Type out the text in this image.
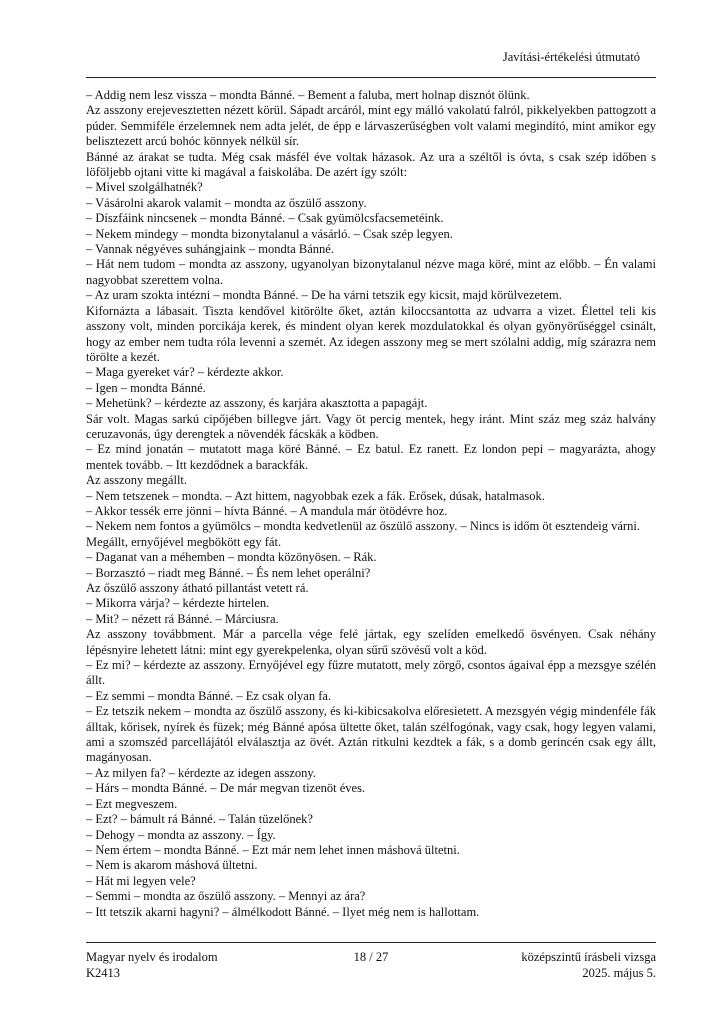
Javítási-értékelési útmutató

– Addig nem lesz vissza – mondta Bánné. – Bement a faluba, mert holnap disznót ölünk.

Az asszony erejevesztetten nézett körül. Sápadt arcáról, mint egy málló vakolatú falról, pikkelyekben pattogzott a púder. Semmiféle érzelemnek nem adta jelét, de épp e lárvaszerűségben volt valami megindító, mint amikor egy belisztezett arcú bohóc könnyek nélkül sír.

Bánné az árakat se tudta. Még csak másfél éve voltak házasok. Az ura a széltől is óvta, s csak szép időben s löföljebb ojtani vitte ki magával a faiskolába. De azért így szólt:

– Mivel szolgálhatnék?

– Vásárolni akarok valamit – mondta az őszülő asszony.

– Díszfáink nincsenek – mondta Bánné. – Csak gyümölcsfacsemetéink.

– Nekem mindegy – mondta bizonytalanul a vásárló. – Csak szép legyen.

– Vannak négyéves suhángjaink – mondta Bánné.

– Hát nem tudom – mondta az asszony, ugyanolyan bizonytalanul nézve maga köré, mint az előbb. – Én valami nagyobbat szerettem volna.

– Az uram szokta intézni – mondta Bánné. – De ha várni tetszik egy kicsit, majd körülvezetem.

Kifornázta a lábasait. Tiszta kendővel kitörölte őket, aztán kiloccsantotta az udvarra a vizet. Élettel teli kis asszony volt, minden porcikája kerek, és mindent olyan kerek mozdulatokkal és olyan gyönyörűséggel csinált, hogy az ember nem tudta róla levenni a szemét. Az idegen asszony meg se mert szólalni addig, míg szárazra nem törölte a kezét.

– Maga gyereket vár? – kérdezte akkor.

– Igen – mondta Bánné.

– Mehetünk? – kérdezte az asszony, és karjára akasztotta a papagájt.

Sár volt. Magas sarkú cipőjében billegve járt. Vagy öt percig mentek, hegy iránt. Mint száz meg száz halvány ceruzavonás, úgy derengtek a növendék fácskák a ködben.

– Ez mind jonatán – mutatott maga köré Bánné. – Ez batul. Ez ranett. Ez london pepi – magyarázta, ahogy mentek tovább. – Itt kezdődnek a barackfák.

Az asszony megállt.

– Nem tetszenek – mondta. – Azt hittem, nagyobbak ezek a fák. Erősek, dúsak, hatalmasok.

– Akkor tessék erre jönni – hívta Bánné. – A mandula már ötödévre hoz.

– Nekem nem fontos a gyümölcs – mondta kedvetlenül az őszülő asszony. – Nincs is időm öt esztendeig várni.

Megállt, ernyőjével megbökött egy fát.

– Daganat van a méhemben – mondta közönyösen. – Rák.

– Borzasztó – riadt meg Bánné. – És nem lehet operálni?

Az őszülő asszony átható pillantást vetett rá.

– Mikorra várja? – kérdezte hirtelen.

– Mit? – nézett rá Bánné. – Márciusra.

Az asszony továbbment. Már a parcella vége felé jártak, egy szelíden emelkedő ösvényen. Csak néhány lépésnyire lehetett látni: mint egy gyerekpelenka, olyan sűrű szövésű volt a köd.

– Ez mi? – kérdezte az asszony. Ernyőjével egy fűzre mutatott, mely zörgő, csontos ágaival épp a mezsgye szélén állt.

– Ez semmi – mondta Bánné. – Ez csak olyan fa.

– Ez tetszik nekem – mondta az őszülő asszony, és ki-kibicsakolva előresietett. A mezsgyén végig mindenféle fák álltak, kőrisek, nyírek és füzek; még Bánné apósa ültette őket, talán szélfogónak, vagy csak, hogy legyen valami, ami a szomszéd parcellájától elválasztja az övét. Aztán ritkulni kezdtek a fák, s a domb gerincén csak egy állt, magányosan.

– Az milyen fa? – kérdezte az idegen asszony.

– Hárs – mondta Bánné. – De már megvan tizenöt éves.

– Ezt megveszem.

– Ezt? – bámult rá Bánné. – Talán tüzelőnek?

– Dehogy – mondta az asszony. – Így.

– Nem értem – mondta Bánné. – Ezt már nem lehet innen máshová ültetni.

– Nem is akarom máshová ültetni.

– Hát mi legyen vele?

– Semmi – mondta az őszülő asszony. – Mennyi az ára?

– Itt tetszik akarni hagyni? – álmélkodott Bánné. – Ilyet még nem is hallottam.

Magyar nyelv és irodalom
K2413
18 / 27	középszintű írásbeli vizsga
2025. május 5.
